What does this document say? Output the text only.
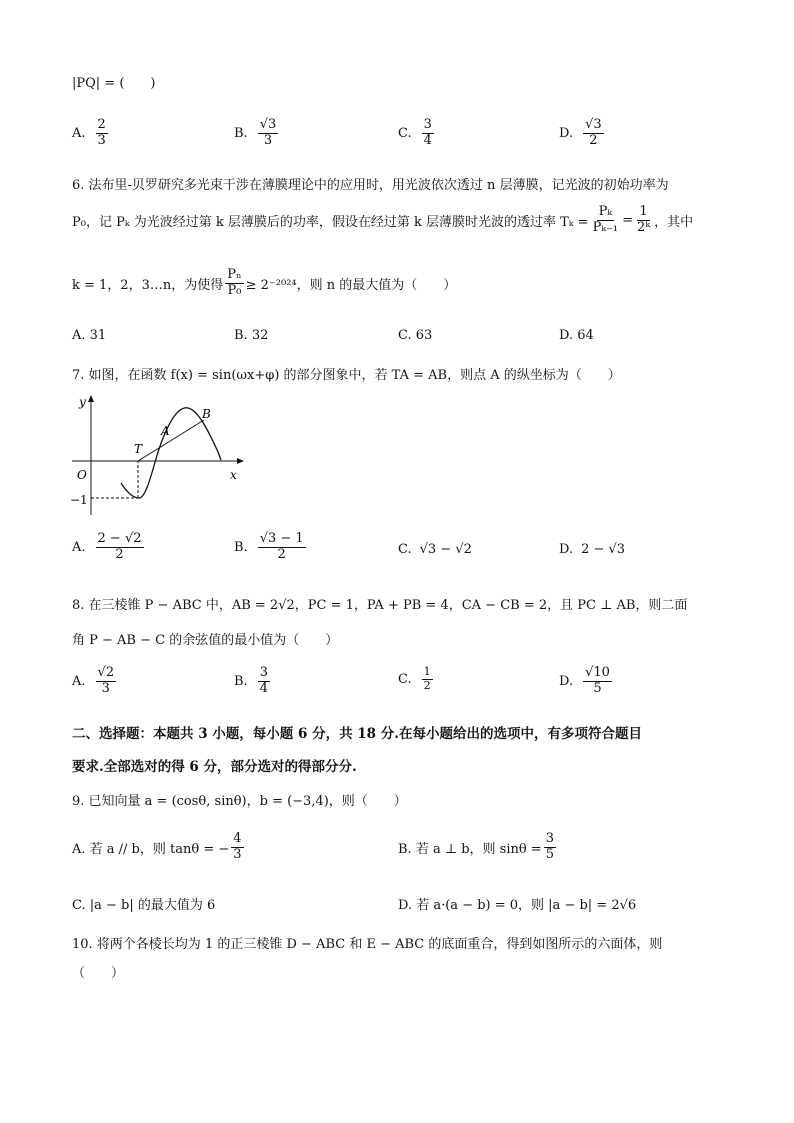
|PQ| = (　　)
A. $\frac{2}{3}$	B. $\frac{√3}{3}$	C. $\frac{3}{4}$	D. $\frac{√3}{2}$
6. 法布里-贝罗研究多光束干涉在薄膜理论中的应用时，用光波依次透过 n 层薄膜，记光波的初始功率为
P₀，记 Pₖ 为光波经过第 k 层薄膜后的功率，假设在经过第 k 层薄膜时光波的透过率 $T_k = \frac{\text{Pₖ}}{\text{Pₖ₋₁}} = \frac{1}{\text{2ᵏ}}$ ，其中
k = 1，2，3…n，为使得 $\frac{\text{Pₙ}}{\text{P₀}} \ge 2^{-2024}$，则 n 的最大值为（　　）
A. 31	B. 32	C. 63	D. 64
7. 如图，在函数 f(x) = sin(ωx+φ) 的部分图象中，若 TA = AB，则点 A 的纵坐标为（　　）
y
x
O
T
A
B
−1
A. $\frac{2 - √2}{2}$	B. $\frac{√3 - 1}{2}$	C. √3 − √2	D. 2 − √3
8. 在三棱锥 P − ABC 中，AB = 2√2，PC = 1，PA + PB = 4，CA − CB = 2，且 PC ⊥ AB，则二面
角 P − AB − C 的余弦值的最小值为（　　）
A. $\frac{√2}{3}$	B. $\frac{3}{4}$	C. $\frac{1}{2}$	D. $\frac{√10}{5}$
二、选择题：本题共 3 小题，每小题 6 分，共 18 分.在每小题给出的选项中，有多项符合题目
要求.全部选对的得 6 分，部分选对的得部分分.
9. 已知向量 a = (cosθ, sinθ)，b = (−3,4)，则（　　）
A. 若 a // b，则 tanθ = − $\frac{4}{3}$	B. 若 a ⊥ b，则 $\sin\theta = \frac{3}{5}$
C. |a − b| 的最大值为 6	D. 若 a·(a − b) = 0，则 |a − b| = 2√6
10. 将两个各棱长均为 1 的正三棱锥 D − ABC 和 E − ABC 的底面重合，得到如图所示的六面体，则
（　　）
